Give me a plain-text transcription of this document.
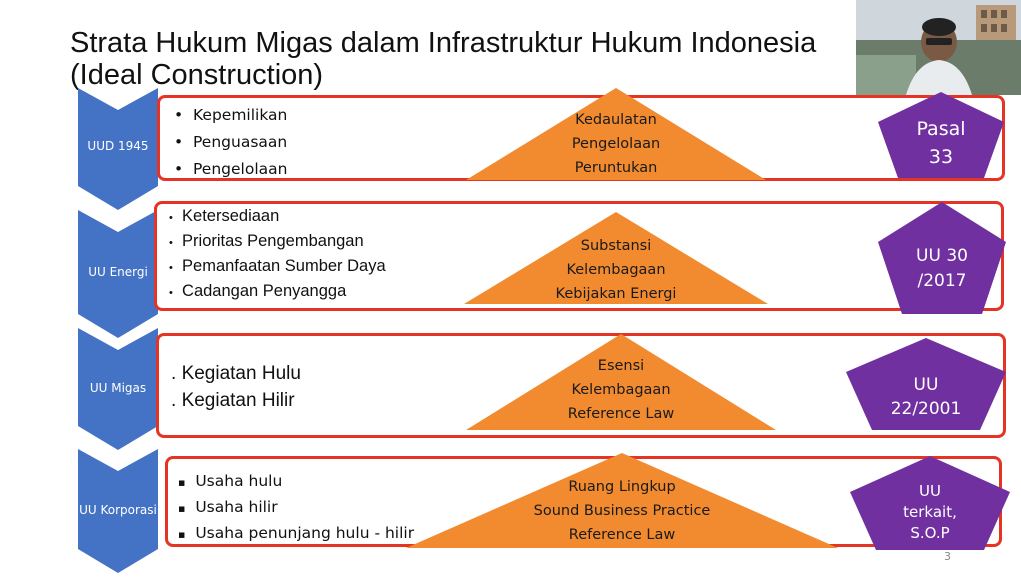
Strata Hukum Migas dalam Infrastruktur Hukum Indonesia
(Ideal Construction)
UUD 1945
• Kepemilikan
• Penguasaan
• Pengelolaan
Kedaulatan
Pengelolaan
Peruntukan
Pasal
33
UU Energi
• Ketersediaan
• Prioritas Pengembangan
• Pemanfaatan Sumber Daya
• Cadangan Penyangga
Substansi
Kelembagaan
Kebijakan Energi
UU 30
/2017
UU Migas
. Kegiatan Hulu
. Kegiatan Hilir
Esensi
Kelembagaan
Reference Law
UU
22/2001
UU Korporasi
▪ Usaha hulu
▪ Usaha hilir
▪ Usaha penunjang hulu - hilir
Ruang Lingkup
Sound Business Practice
Reference Law
UU
terkait,
S.O.P
3
